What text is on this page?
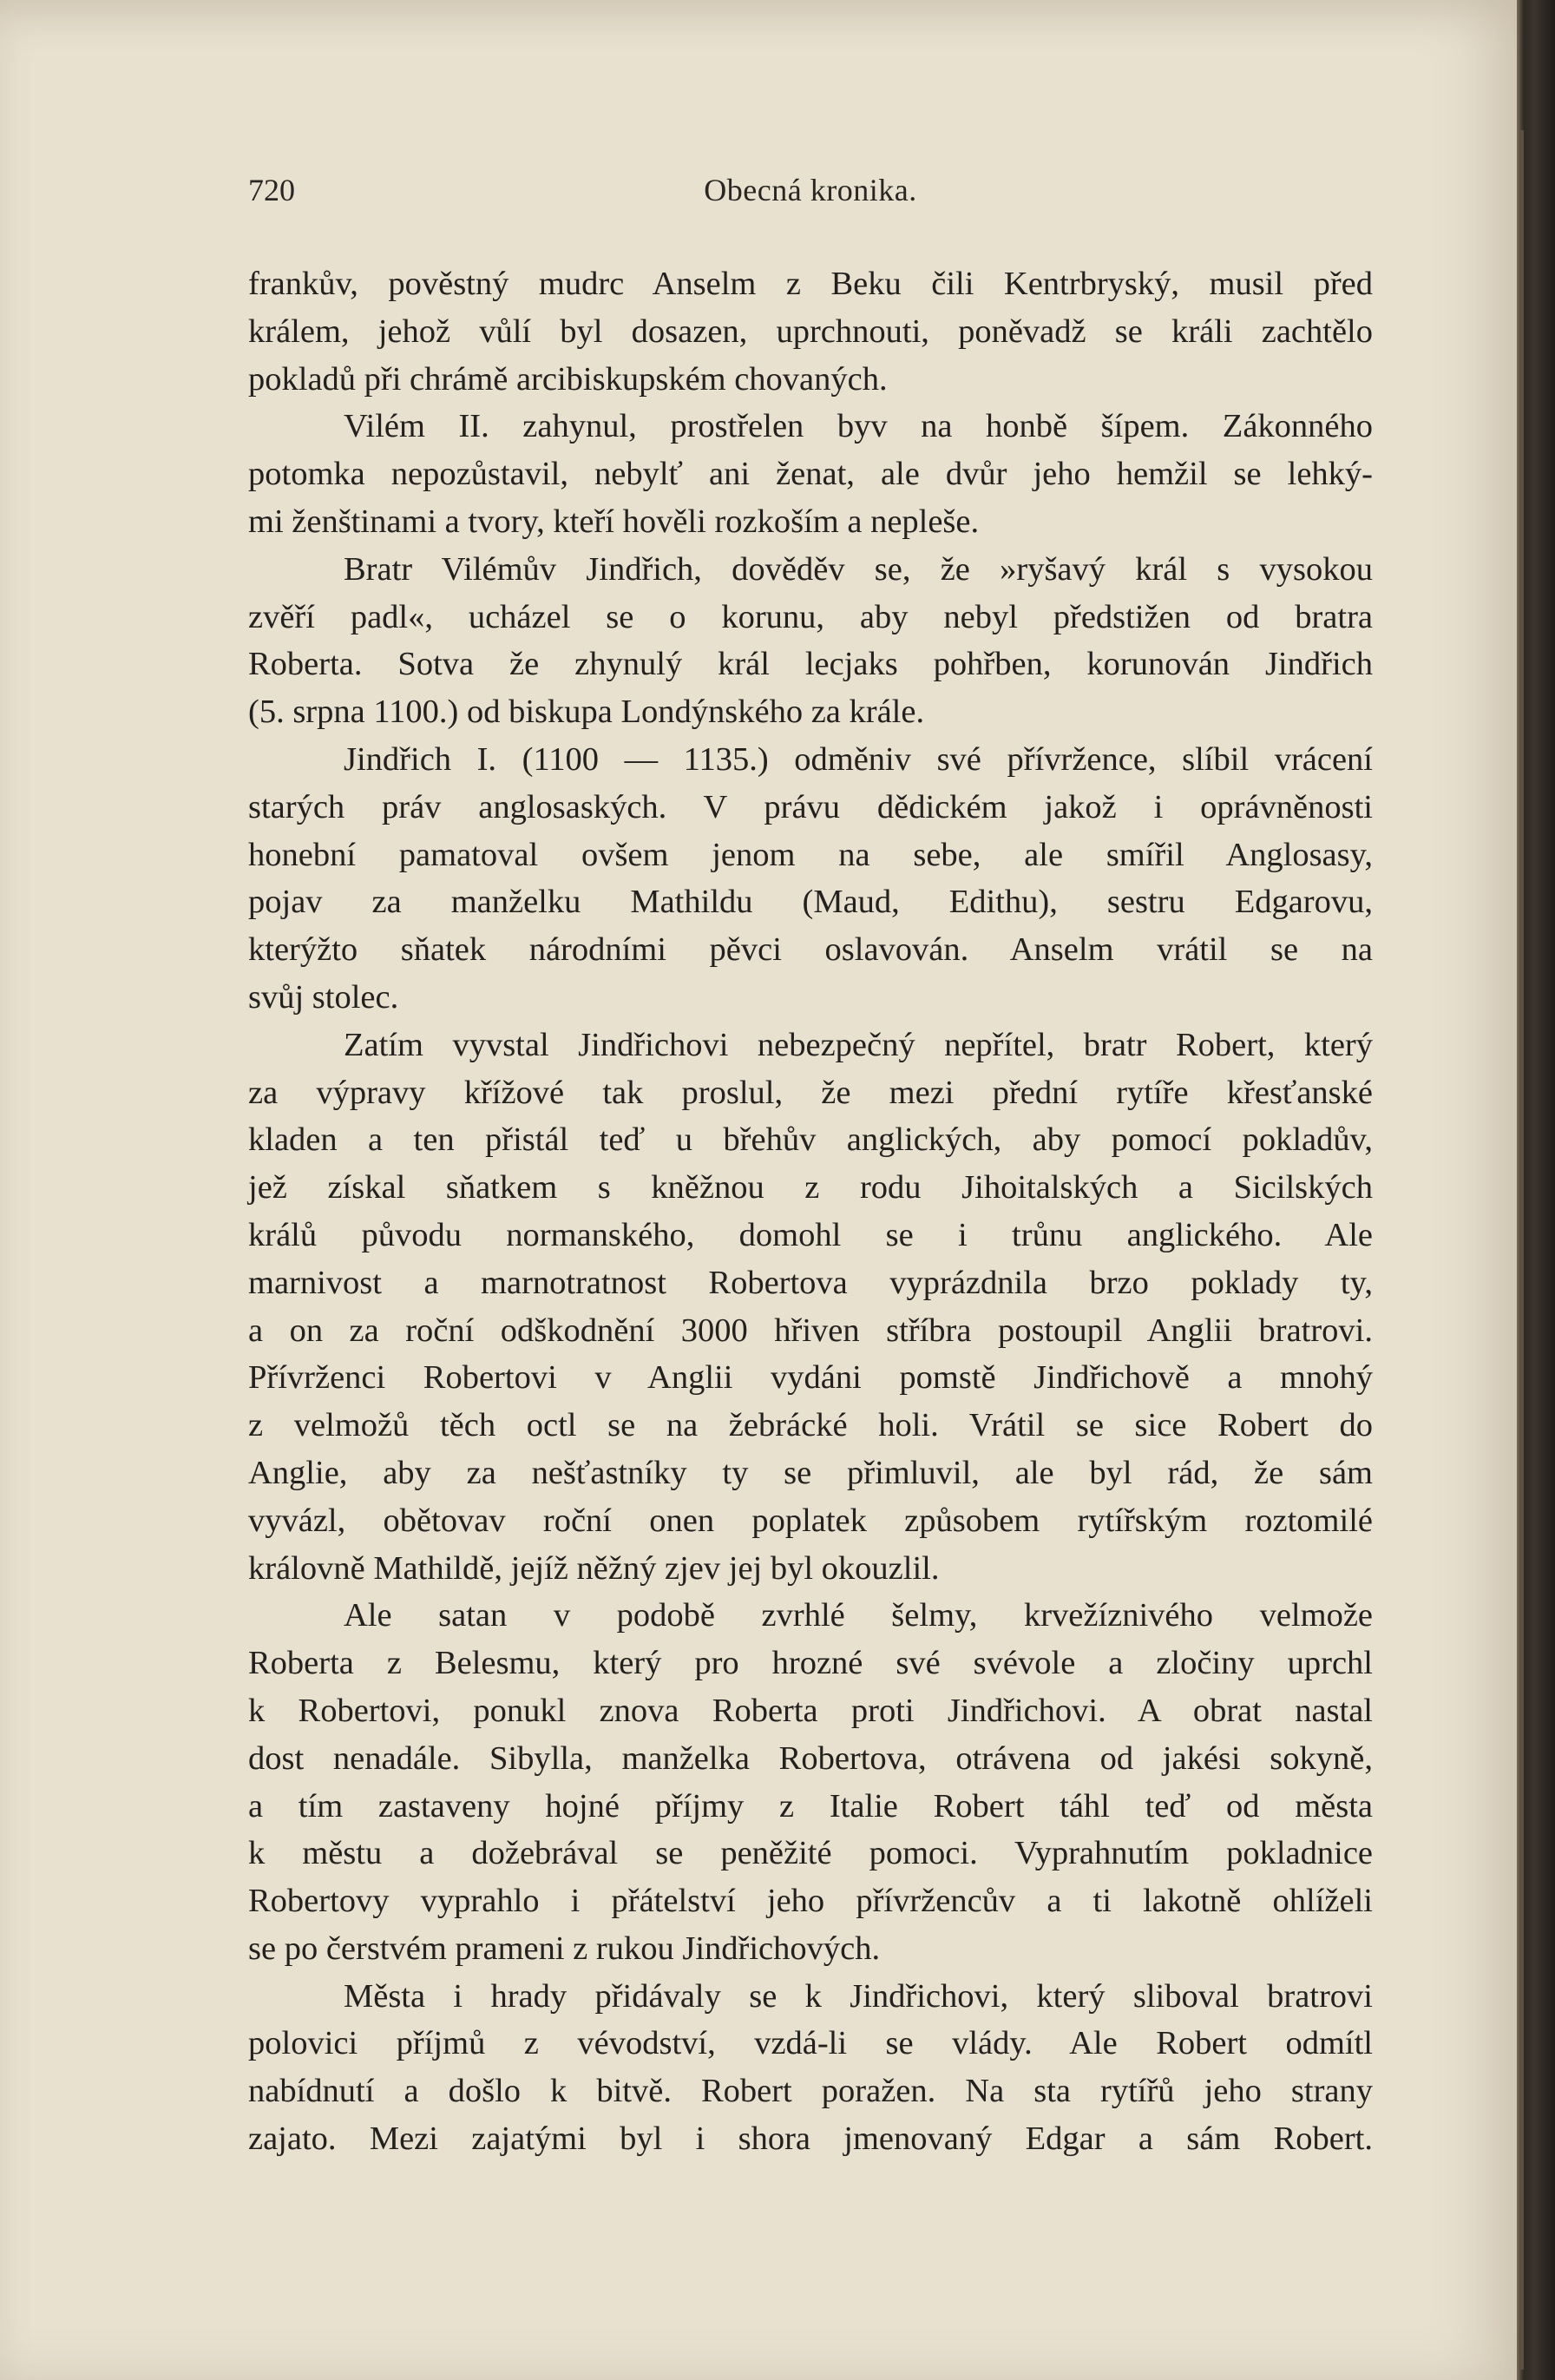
720	Obecná kronika.
frankův, pověstný mudrc Anselm z Beku čili Kentrbryský, musil před
králem, jehož vůlí byl dosazen, uprchnouti, poněvadž se králi zachtělo
pokladů při chrámě arcibiskupském chovaných.
Vilém II. zahynul, prostřelen byv na honbě šípem. Zákonného
potomka nepozůstavil, nebylť ani ženat, ale dvůr jeho hemžil se lehký-
mi ženštinami a tvory, kteří hověli rozkoším a nepleše.
Bratr Vilémův Jindřich, dověděv se, že »ryšavý král s vysokou
zvěří padl«, ucházel se o korunu, aby nebyl předstižen od bratra
Roberta. Sotva že zhynulý král lecjaks pohřben, korunován Jindřich
(5. srpna 1100.) od biskupa Londýnského za krále.
Jindřich I. (1100 — 1135.) odměniv své přívržence, slíbil vrácení
starých práv anglosaských. V právu dědickém jakož i oprávněnosti
honební pamatoval ovšem jenom na sebe, ale smířil Anglosasy,
pojav za manželku Mathildu (Maud, Edithu), sestru Edgarovu,
kterýžto sňatek národními pěvci oslavován. Anselm vrátil se na
svůj stolec.
Zatím vyvstal Jindřichovi nebezpečný nepřítel, bratr Robert, který
za výpravy křížové tak proslul, že mezi přední rytíře křesťanské
kladen a ten přistál teď u břehův anglických, aby pomocí pokladův,
jež získal sňatkem s kněžnou z rodu Jihoitalských a Sicilských
králů původu normanského, domohl se i trůnu anglického. Ale
marnivost a marnotratnost Robertova vyprázdnila brzo poklady ty,
a on za roční odškodnění 3000 hřiven stříbra postoupil Anglii bratrovi.
Přívrženci Robertovi v Anglii vydáni pomstě Jindřichově a mnohý
z velmožů těch octl se na žebrácké holi. Vrátil se sice Robert do
Anglie, aby za nešťastníky ty se přimluvil, ale byl rád, že sám
vyvázl, obětovav roční onen poplatek způsobem rytířským roztomilé
královně Mathildě, jejíž něžný zjev jej byl okouzlil.
Ale satan v podobě zvrhlé šelmy, krvežíznivého velmože
Roberta z Belesmu, který pro hrozné své svévole a zločiny uprchl
k Robertovi, ponukl znova Roberta proti Jindřichovi. A obrat nastal
dost nenadále. Sibylla, manželka Robertova, otrávena od jakési sokyně,
a tím zastaveny hojné příjmy z Italie Robert táhl teď od města
k městu a dožebrával se peněžité pomoci. Vyprahnutím pokladnice
Robertovy vyprahlo i přátelství jeho přívržencův a ti lakotně ohlíželi
se po čerstvém prameni z rukou Jindřichových.
Města i hrady přidávaly se k Jindřichovi, který sliboval bratrovi
polovici příjmů z vévodství, vzdá-li se vlády. Ale Robert odmítl
nabídnutí a došlo k bitvě. Robert poražen. Na sta rytířů jeho strany
zajato. Mezi zajatými byl i shora jmenovaný Edgar a sám Robert.
